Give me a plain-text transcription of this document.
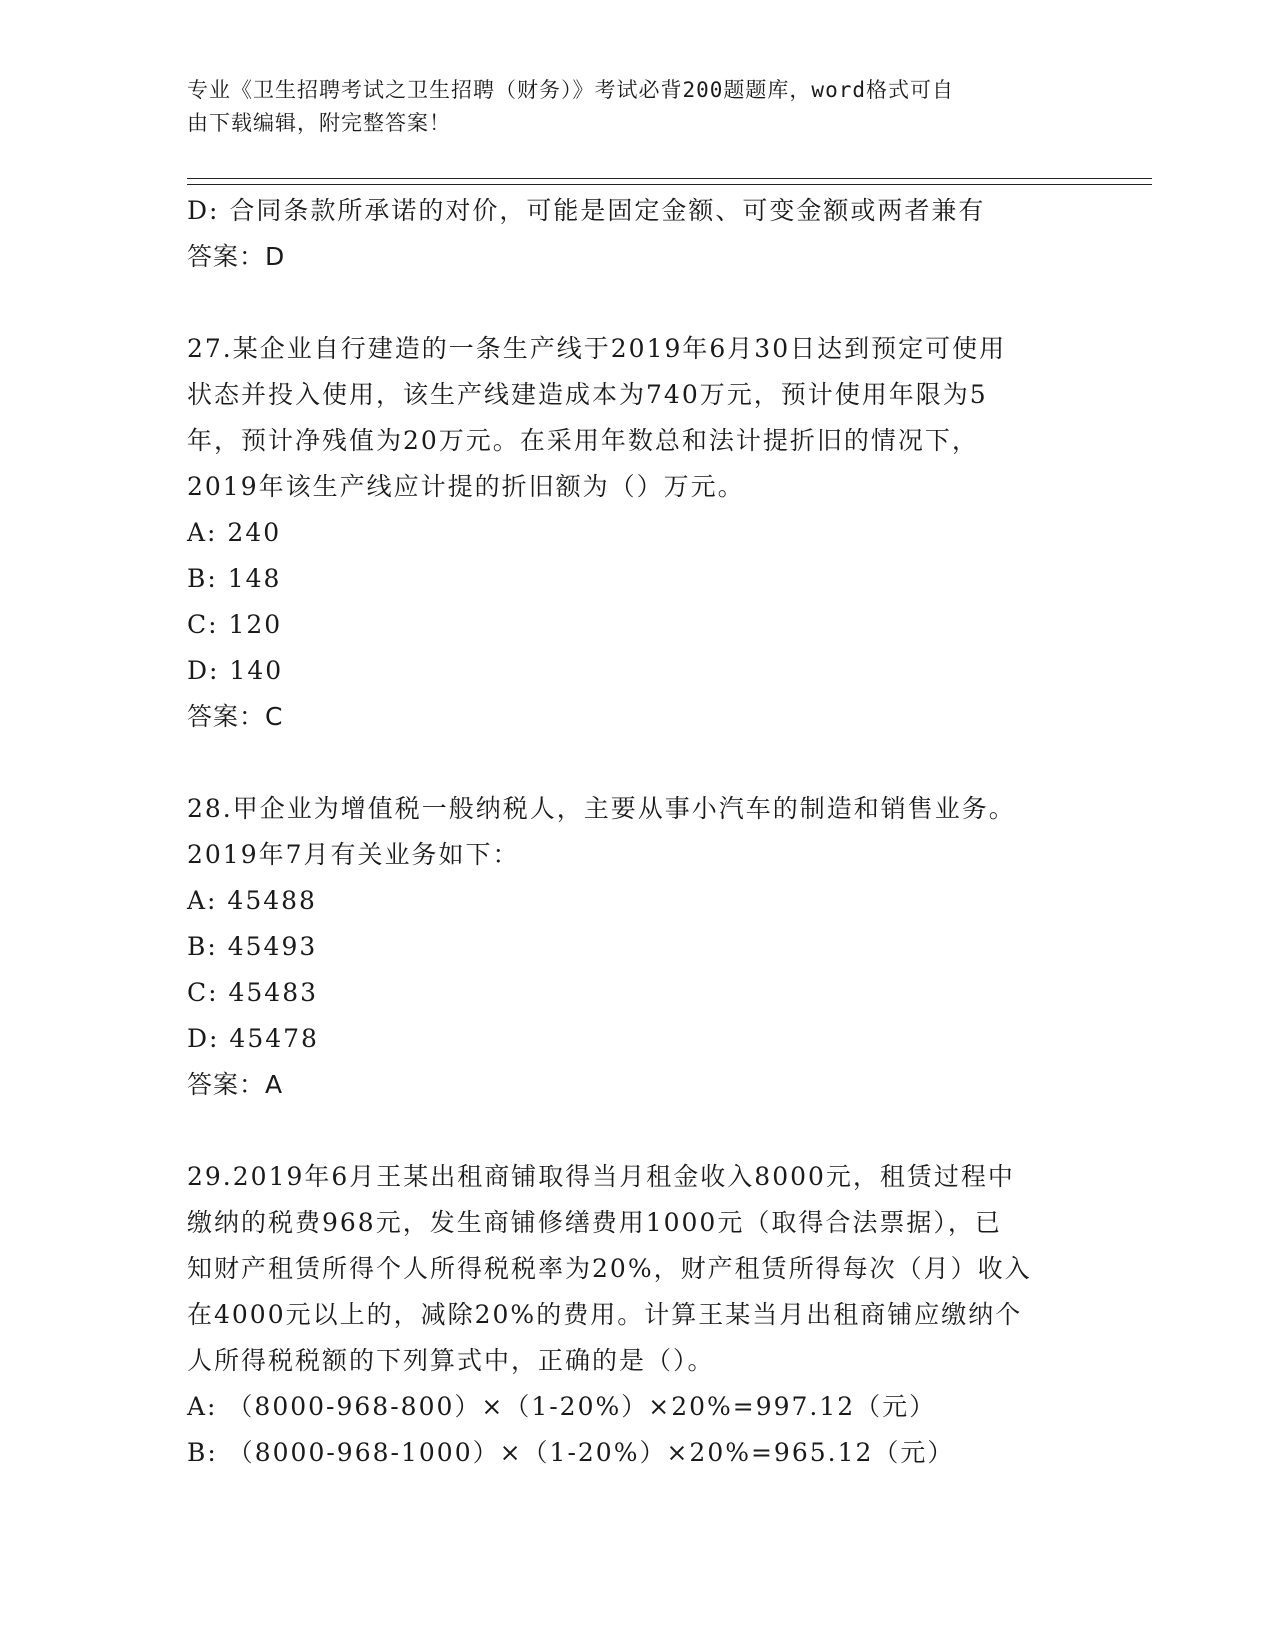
专业《卫生招聘考试之卫生招聘（财务）》考试必背200题题库，word格式可自
由下载编辑，附完整答案！
D: 合同条款所承诺的对价，可能是固定金额、可变金额或两者兼有
答案：D
27.某企业自行建造的一条生产线于2019年6月30日达到预定可使用
状态并投入使用，该生产线建造成本为740万元，预计使用年限为5
年，预计净残值为20万元。在采用年数总和法计提折旧的情况下，
2019年该生产线应计提的折旧额为（）万元。
A: 240
B: 148
C: 120
D: 140
答案：C
28.甲企业为增值税一般纳税人，主要从事小汽车的制造和销售业务。
2019年7月有关业务如下：
A: 45488
B: 45493
C: 45483
D: 45478
答案：A
29.2019年6月王某出租商铺取得当月租金收入8000元，租赁过程中
缴纳的税费968元，发生商铺修缮费用1000元（取得合法票据），已
知财产租赁所得个人所得税税率为20%，财产租赁所得每次（月）收入
在4000元以上的，减除20%的费用。计算王某当月出租商铺应缴纳个
人所得税税额的下列算式中，正确的是（）。
A: （8000-968-800）×（1-20%）×20%=997.12（元）
B: （8000-968-1000）×（1-20%）×20%=965.12（元）
